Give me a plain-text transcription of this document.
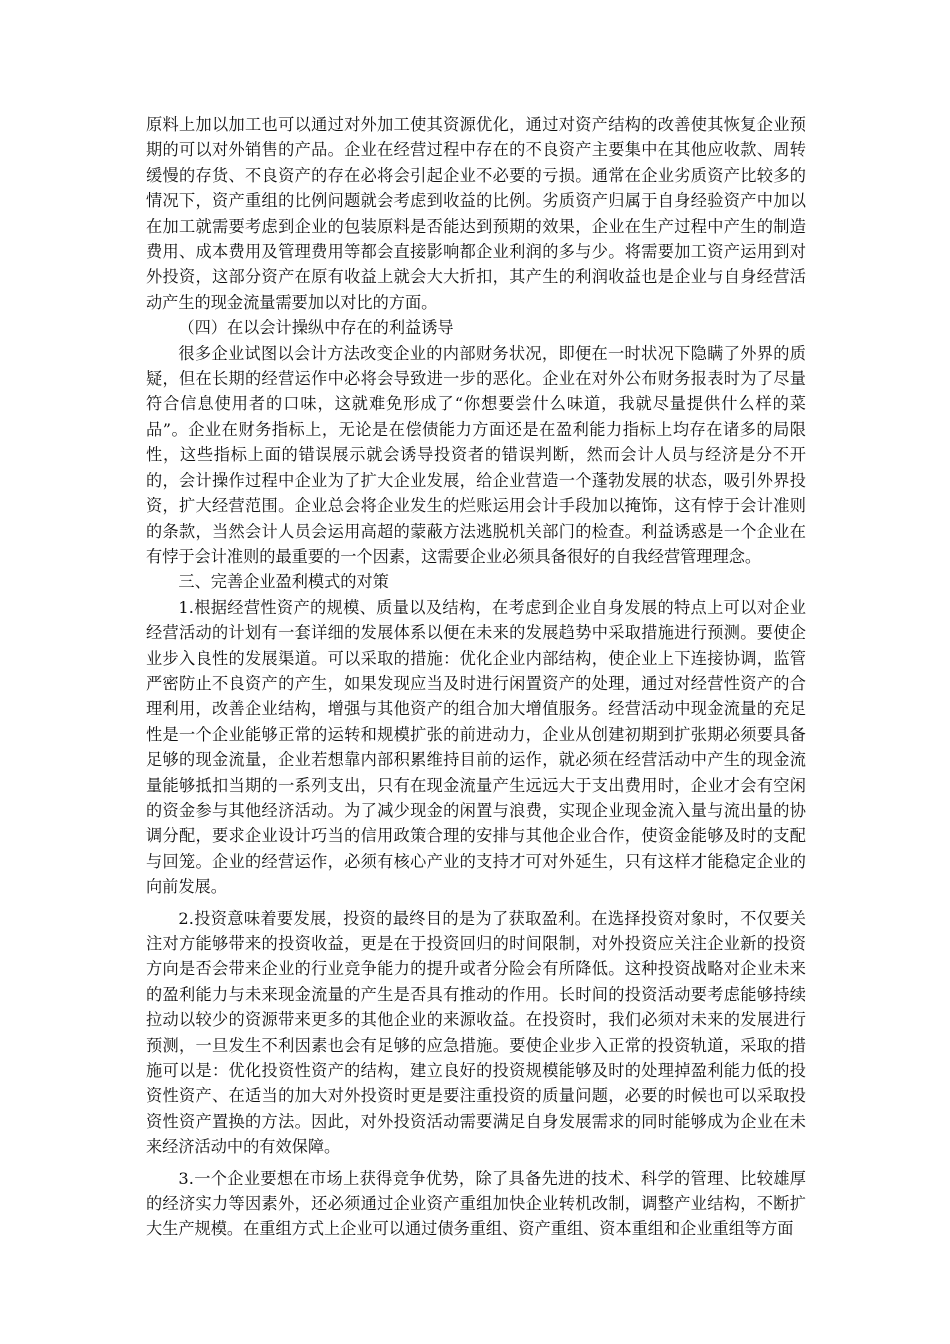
原料上加以加工也可以通过对外加工使其资源优化，通过对资产结构的改善使其恢复企业预期的可以对外销售的产品。企业在经营过程中存在的不良资产主要集中在其他应收款、周转缓慢的存货、不良资产的存在必将会引起企业不必要的亏损。通常在企业劣质资产比较多的情况下，资产重组的比例问题就会考虑到收益的比例。劣质资产归属于自身经验资产中加以在加工就需要考虑到企业的包装原料是否能达到预期的效果，企业在生产过程中产生的制造费用、成本费用及管理费用等都会直接影响都企业利润的多与少。将需要加工资产运用到对外投资，这部分资产在原有收益上就会大大折扣，其产生的利润收益也是企业与自身经营活动产生的现金流量需要加以对比的方面。

（四）在以会计操纵中存在的利益诱导

很多企业试图以会计方法改变企业的内部财务状况，即便在一时状况下隐瞒了外界的质疑，但在长期的经营运作中必将会导致进一步的恶化。企业在对外公布财务报表时为了尽量符合信息使用者的口味，这就难免形成了“你想要尝什么味道，我就尽量提供什么样的菜品”。企业在财务指标上，无论是在偿债能力方面还是在盈利能力指标上均存在诸多的局限性，这些指标上面的错误展示就会诱导投资者的错误判断，然而会计人员与经济是分不开的，会计操作过程中企业为了扩大企业发展，给企业营造一个蓬勃发展的状态，吸引外界投资，扩大经营范围。企业总会将企业发生的烂账运用会计手段加以掩饰，这有悖于会计准则的条款，当然会计人员会运用高超的蒙蔽方法逃脱机关部门的检查。利益诱惑是一个企业在有悖于会计准则的最重要的一个因素，这需要企业必须具备很好的自我经营管理理念。

三、完善企业盈利模式的对策

1.根据经营性资产的规模、质量以及结构，在考虑到企业自身发展的特点上可以对企业经营活动的计划有一套详细的发展体系以便在未来的发展趋势中采取措施进行预测。要使企业步入良性的发展渠道。可以采取的措施：优化企业内部结构，使企业上下连接协调，监管严密防止不良资产的产生，如果发现应当及时进行闲置资产的处理，通过对经营性资产的合理利用，改善企业结构，增强与其他资产的组合加大增值服务。经营活动中现金流量的充足性是一个企业能够正常的运转和规模扩张的前进动力，企业从创建初期到扩张期必须要具备足够的现金流量，企业若想靠内部积累维持目前的运作，就必须在经营活动中产生的现金流量能够抵扣当期的一系列支出，只有在现金流量产生远远大于支出费用时，企业才会有空闲的资金参与其他经济活动。为了减少现金的闲置与浪费，实现企业现金流入量与流出量的协调分配，要求企业设计巧当的信用政策合理的安排与其他企业合作，使资金能够及时的支配与回笼。企业的经营运作，必须有核心产业的支持才可对外延生，只有这样才能稳定企业的向前发展。

2.投资意味着要发展，投资的最终目的是为了获取盈利。在选择投资对象时，不仅要关注对方能够带来的投资收益，更是在于投资回归的时间限制，对外投资应关注企业新的投资方向是否会带来企业的行业竞争能力的提升或者分险会有所降低。这种投资战略对企业未来的盈利能力与未来现金流量的产生是否具有推动的作用。长时间的投资活动要考虑能够持续拉动以较少的资源带来更多的其他企业的来源收益。在投资时，我们必须对未来的发展进行预测，一旦发生不利因素也会有足够的应急措施。要使企业步入正常的投资轨道，采取的措施可以是：优化投资性资产的结构，建立良好的投资规模能够及时的处理掉盈利能力低的投资性资产、在适当的加大对外投资时更是要注重投资的质量问题，必要的时候也可以采取投资性资产置换的方法。因此，对外投资活动需要满足自身发展需求的同时能够成为企业在未来经济活动中的有效保障。

3.一个企业要想在市场上获得竞争优势，除了具备先进的技术、科学的管理、比较雄厚的经济实力等因素外，还必须通过企业资产重组加快企业转机改制，调整产业结构，不断扩大生产规模。在重组方式上企业可以通过债务重组、资产重组、资本重组和企业重组等方面
